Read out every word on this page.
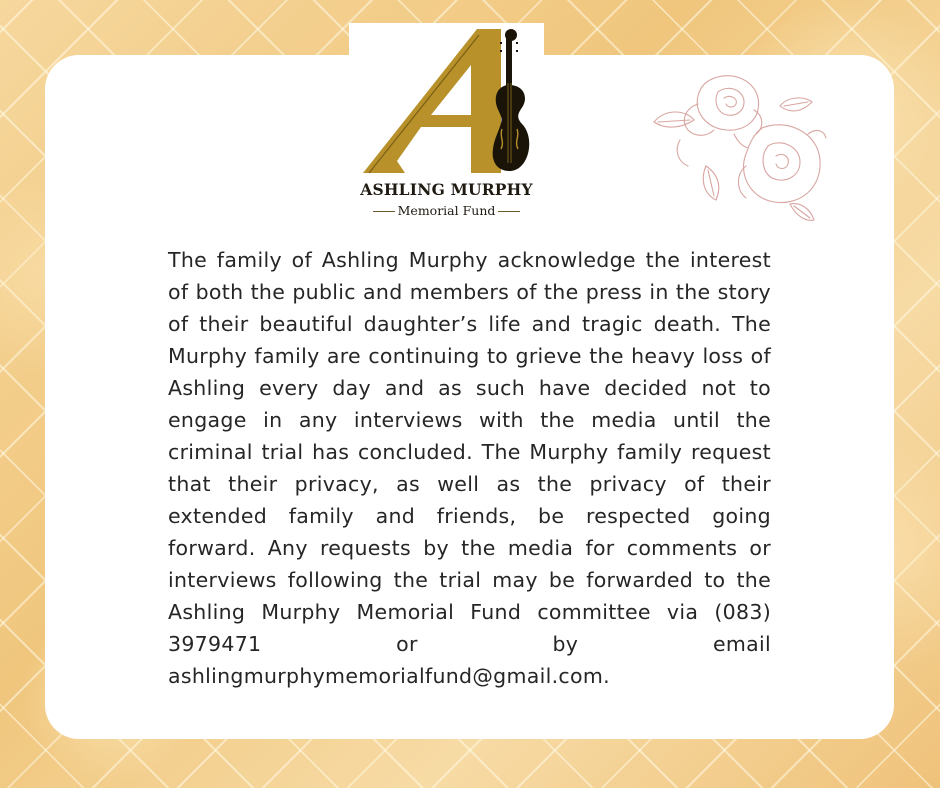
ASHLING MURPHY
Memorial Fund

The family of Ashling Murphy acknowledge the interest of both the public and members of the press in the story of their beautiful daughter’s life and tragic death. The Murphy family are continuing to grieve the heavy loss of Ashling every day and as such have decided not to engage in any interviews with the media until the criminal trial has concluded. The Murphy family request that their privacy, as well as the privacy of their extended family and friends, be respected going forward. Any requests by the media for comments or interviews following the trial may be forwarded to the Ashling Murphy Memorial Fund committee via (083) 3979471 or by email ashlingmurphymemorialfund@gmail.com.
